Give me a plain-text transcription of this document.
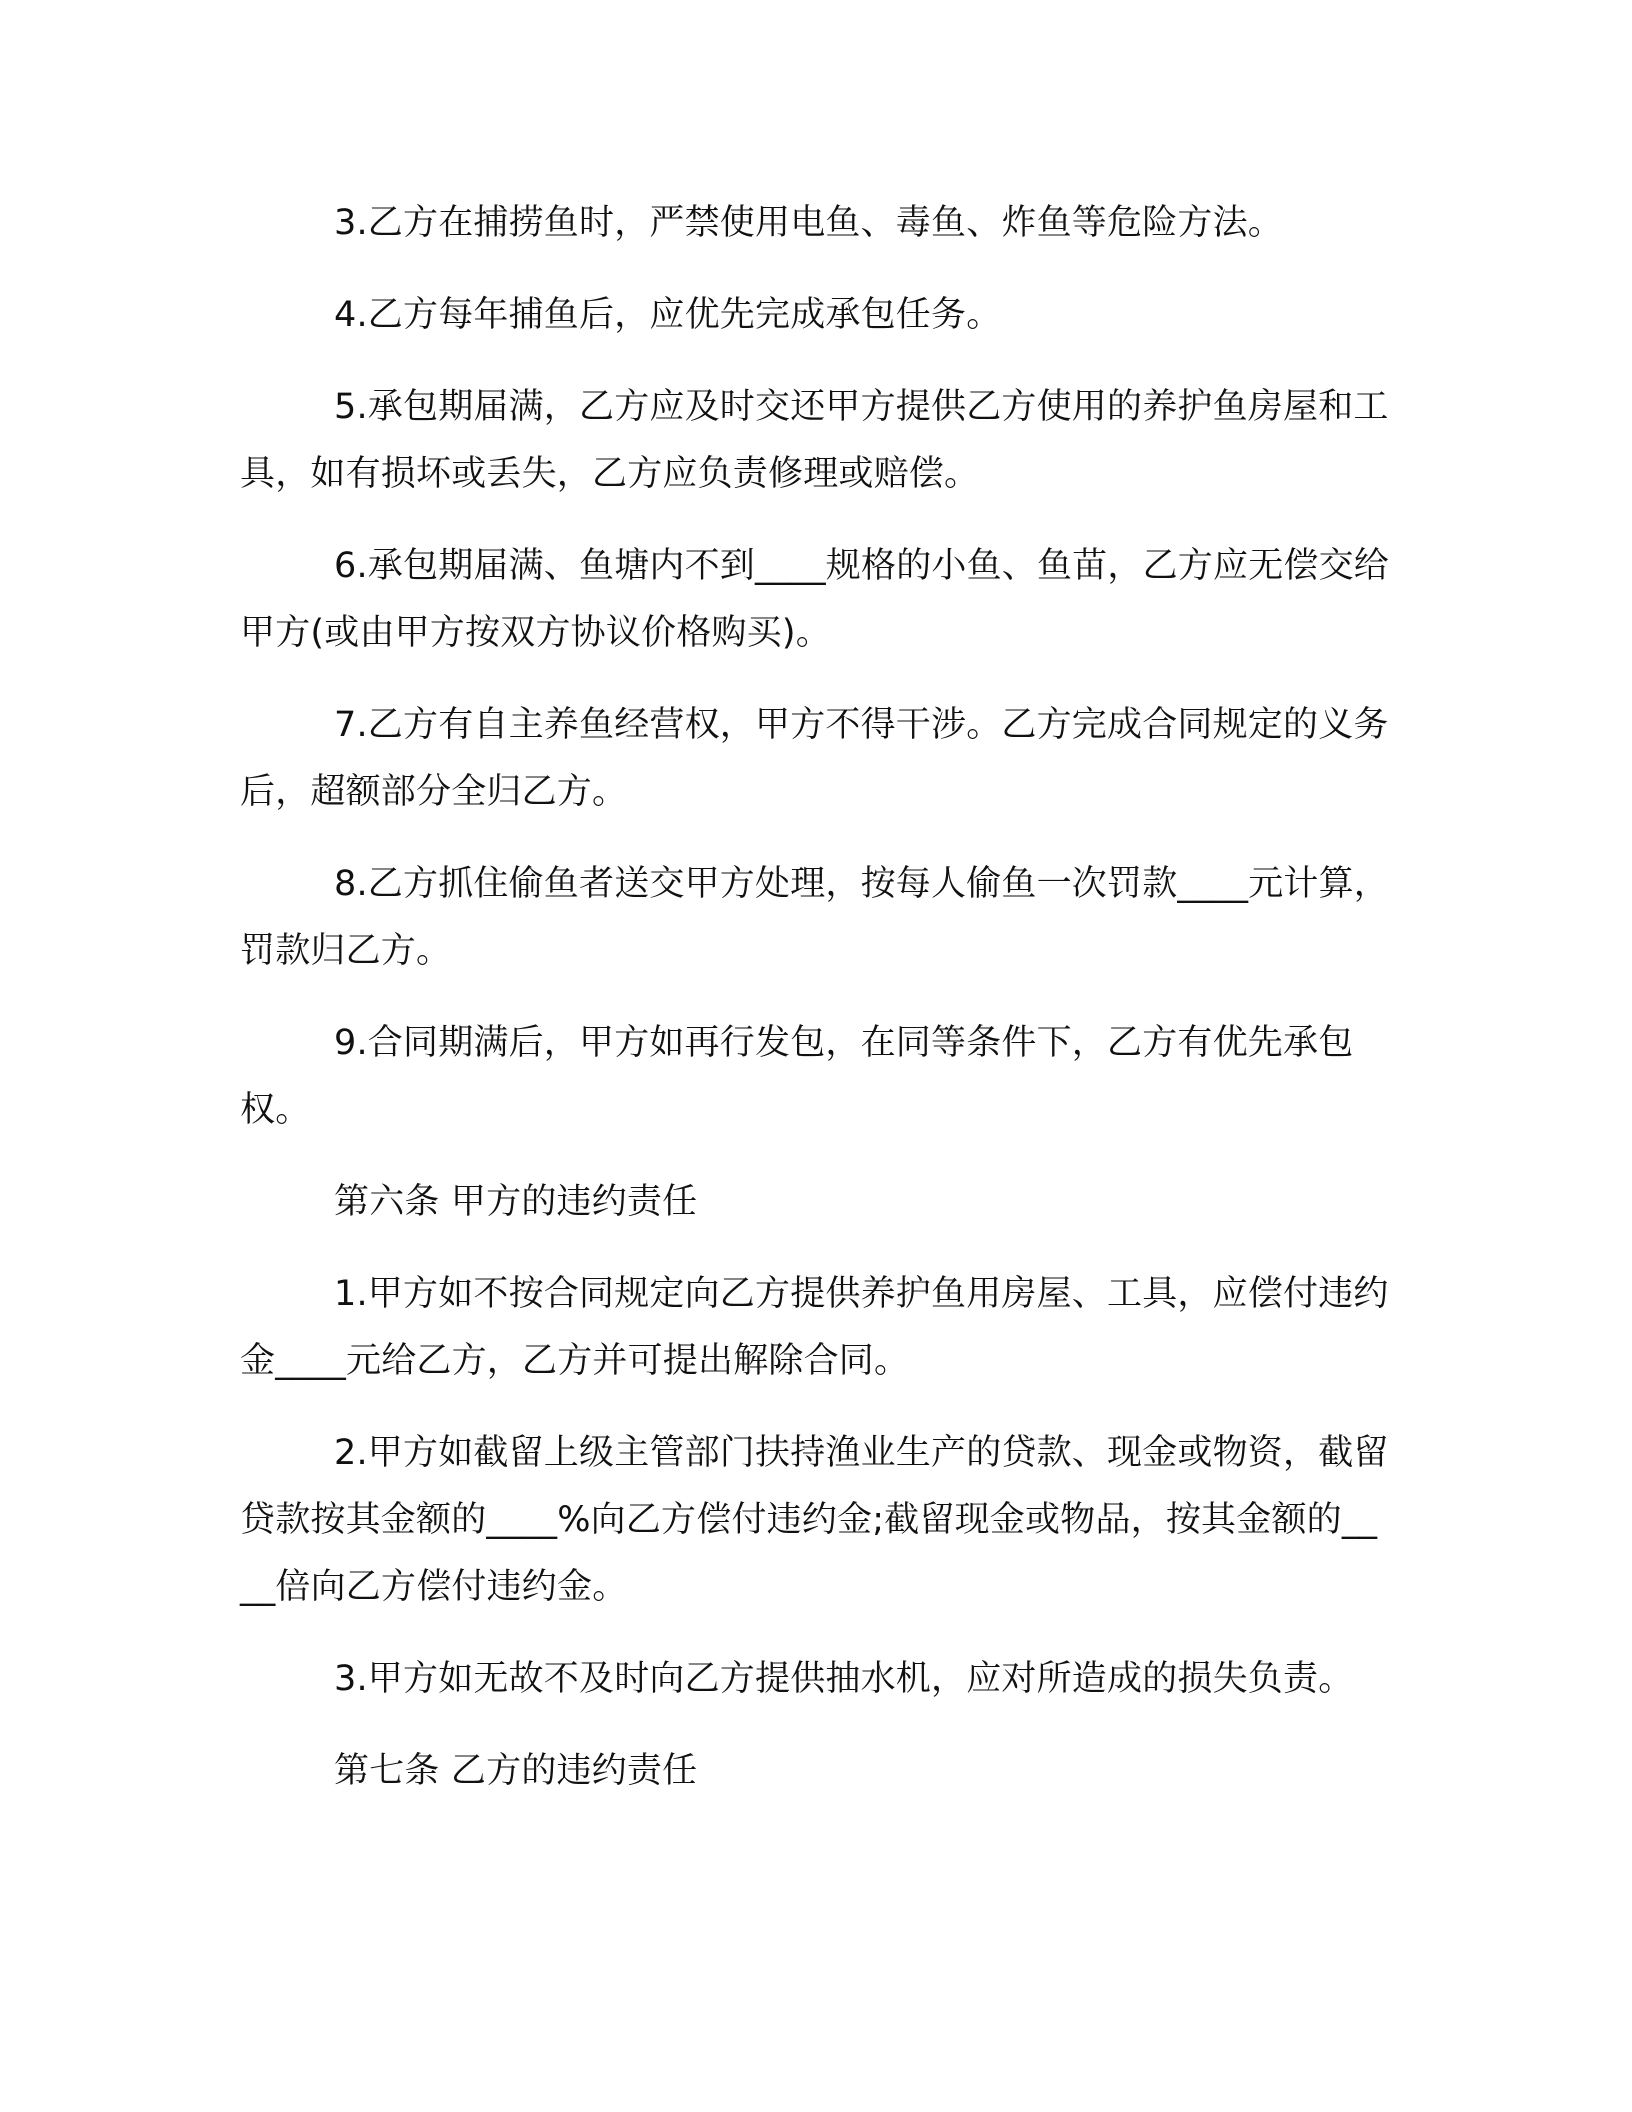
3.乙方在捕捞鱼时，严禁使用电鱼、毒鱼、炸鱼等危险方法。

4.乙方每年捕鱼后，应优先完成承包任务。

5.承包期届满，乙方应及时交还甲方提供乙方使用的养护鱼房屋和工具，如有损坏或丢失，乙方应负责修理或赔偿。

6.承包期届满、鱼塘内不到____规格的小鱼、鱼苗，乙方应无偿交给甲方(或由甲方按双方协议价格购买)。

7.乙方有自主养鱼经营权，甲方不得干涉。乙方完成合同规定的义务后，超额部分全归乙方。

8.乙方抓住偷鱼者送交甲方处理，按每人偷鱼一次罚款____元计算，罚款归乙方。

9.合同期满后，甲方如再行发包，在同等条件下，乙方有优先承包权。

第六条 甲方的违约责任

1.甲方如不按合同规定向乙方提供养护鱼用房屋、工具，应偿付违约金____元给乙方，乙方并可提出解除合同。

2.甲方如截留上级主管部门扶持渔业生产的贷款、现金或物资，截留贷款按其金额的____%向乙方偿付违约金;截留现金或物品，按其金额的____倍向乙方偿付违约金。

3.甲方如无故不及时向乙方提供抽水机，应对所造成的损失负责。

第七条 乙方的违约责任
